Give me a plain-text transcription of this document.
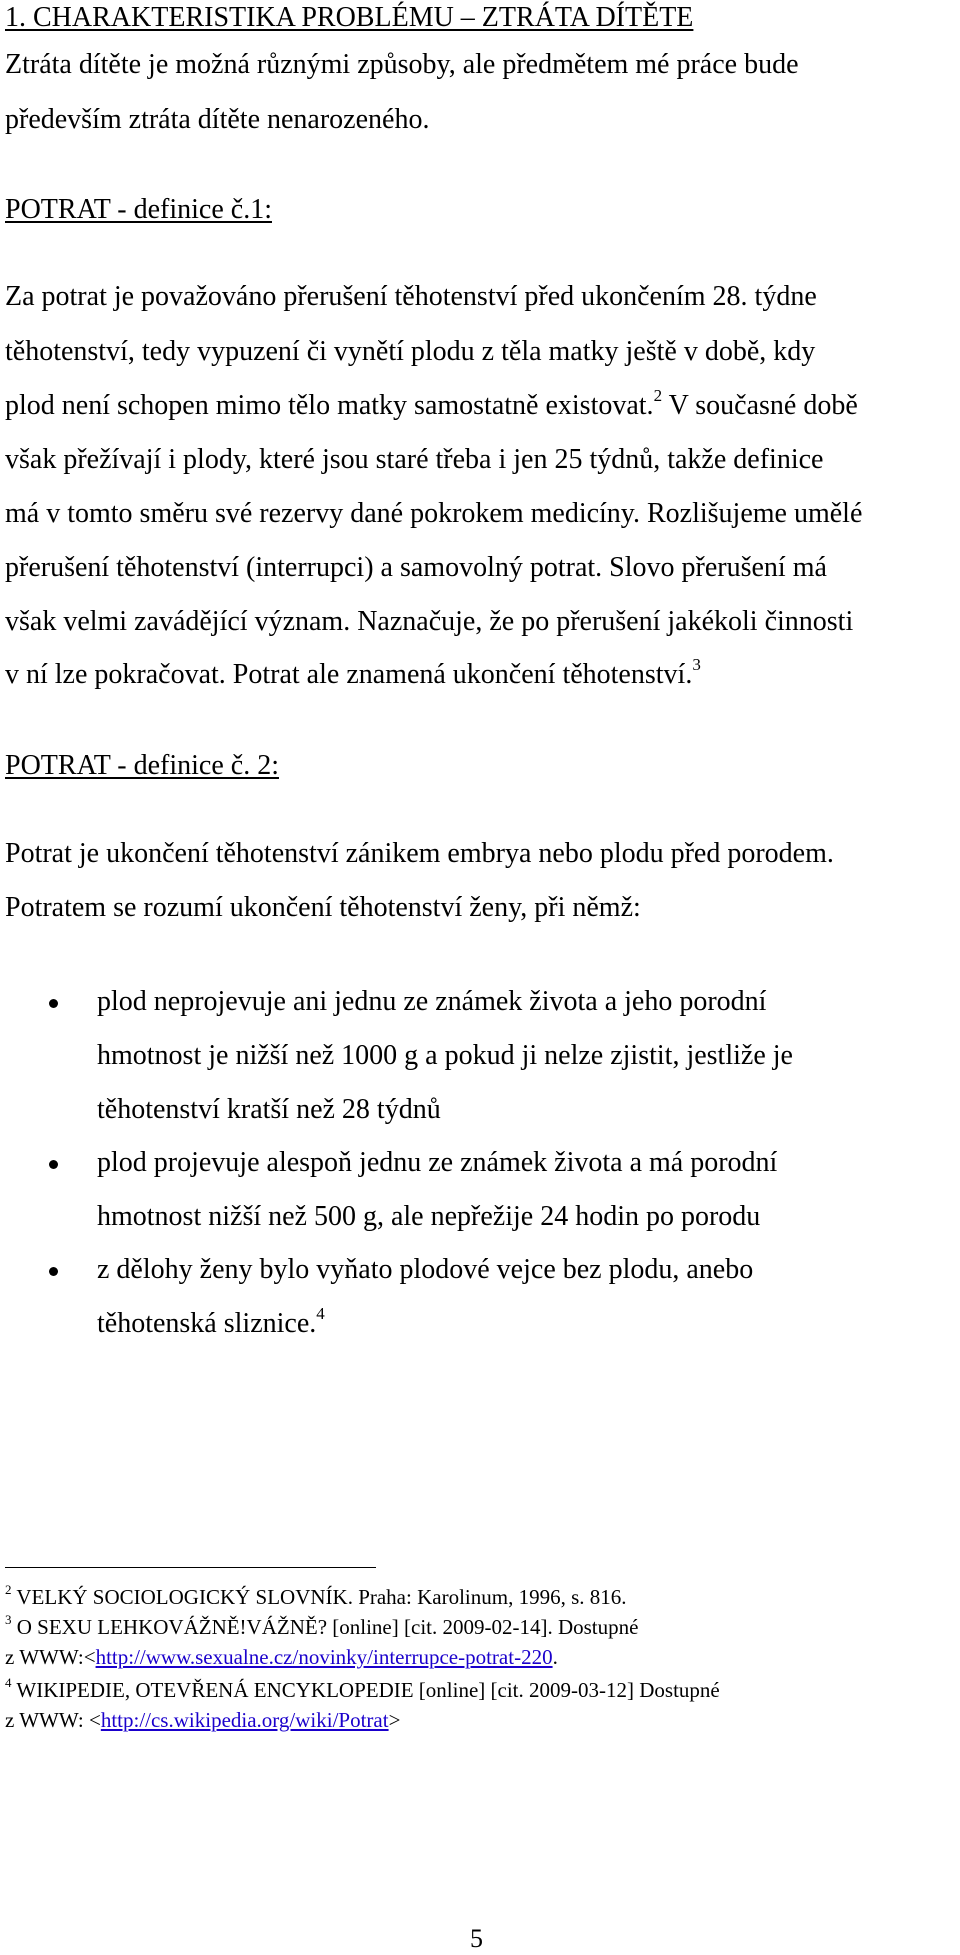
1. CHARAKTERISTIKA PROBLÉMU – ZTRÁTA DÍTĚTE
Ztráta dítěte je možná různými způsoby, ale předmětem mé práce bude
především ztráta dítěte nenarozeného.
POTRAT - definice č.1:
Za potrat je považováno přerušení těhotenství před ukončením 28. týdne
těhotenství, tedy vypuzení či vynětí plodu z těla matky ještě v době, kdy
plod není schopen mimo tělo matky samostatně existovat.$^2$ V současné době
však přežívají i plody, které jsou staré třeba i jen 25 týdnů, takže definice
má v tomto směru své rezervy dané pokrokem medicíny. Rozlišujeme umělé
přerušení těhotenství (interrupci) a samovolný potrat. Slovo přerušení má
však velmi zavádějící význam. Naznačuje, že po přerušení jakékoli činnosti
v ní lze pokračovat. Potrat ale znamená ukončení těhotenství.$^3$
POTRAT - definice č. 2:
Potrat je ukončení těhotenství zánikem embrya nebo plodu před porodem.
Potratem se rozumí ukončení těhotenství ženy, při němž:
plod neprojevuje ani jednu ze známek života a jeho porodní
hmotnost je nižší než 1000 g a pokud ji nelze zjistit, jestliže je
těhotenství kratší než 28 týdnů
plod projevuje alespoň jednu ze známek života a má porodní
hmotnost nižší než 500 g, ale nepřežije 24 hodin po porodu
z dělohy ženy bylo vyňato plodové vejce bez plodu, anebo
těhotenská sliznice.$^4$
$^2$ VELKÝ SOCIOLOGICKÝ SLOVNÍK. Praha: Karolinum, 1996, s. 816.
$^3$ O SEXU LEHKOVÁŽNĚ!VÁŽNĚ? [online] [cit. 2009-02-14]. Dostupné
z WWW:<http://www.sexualne.cz/novinky/interrupce-potrat-220.
$^4$ WIKIPEDIE, OTEVŘENÁ ENCYKLOPEDIE [online] [cit. 2009-03-12] Dostupné
z WWW: <http://cs.wikipedia.org/wiki/Potrat>
5
